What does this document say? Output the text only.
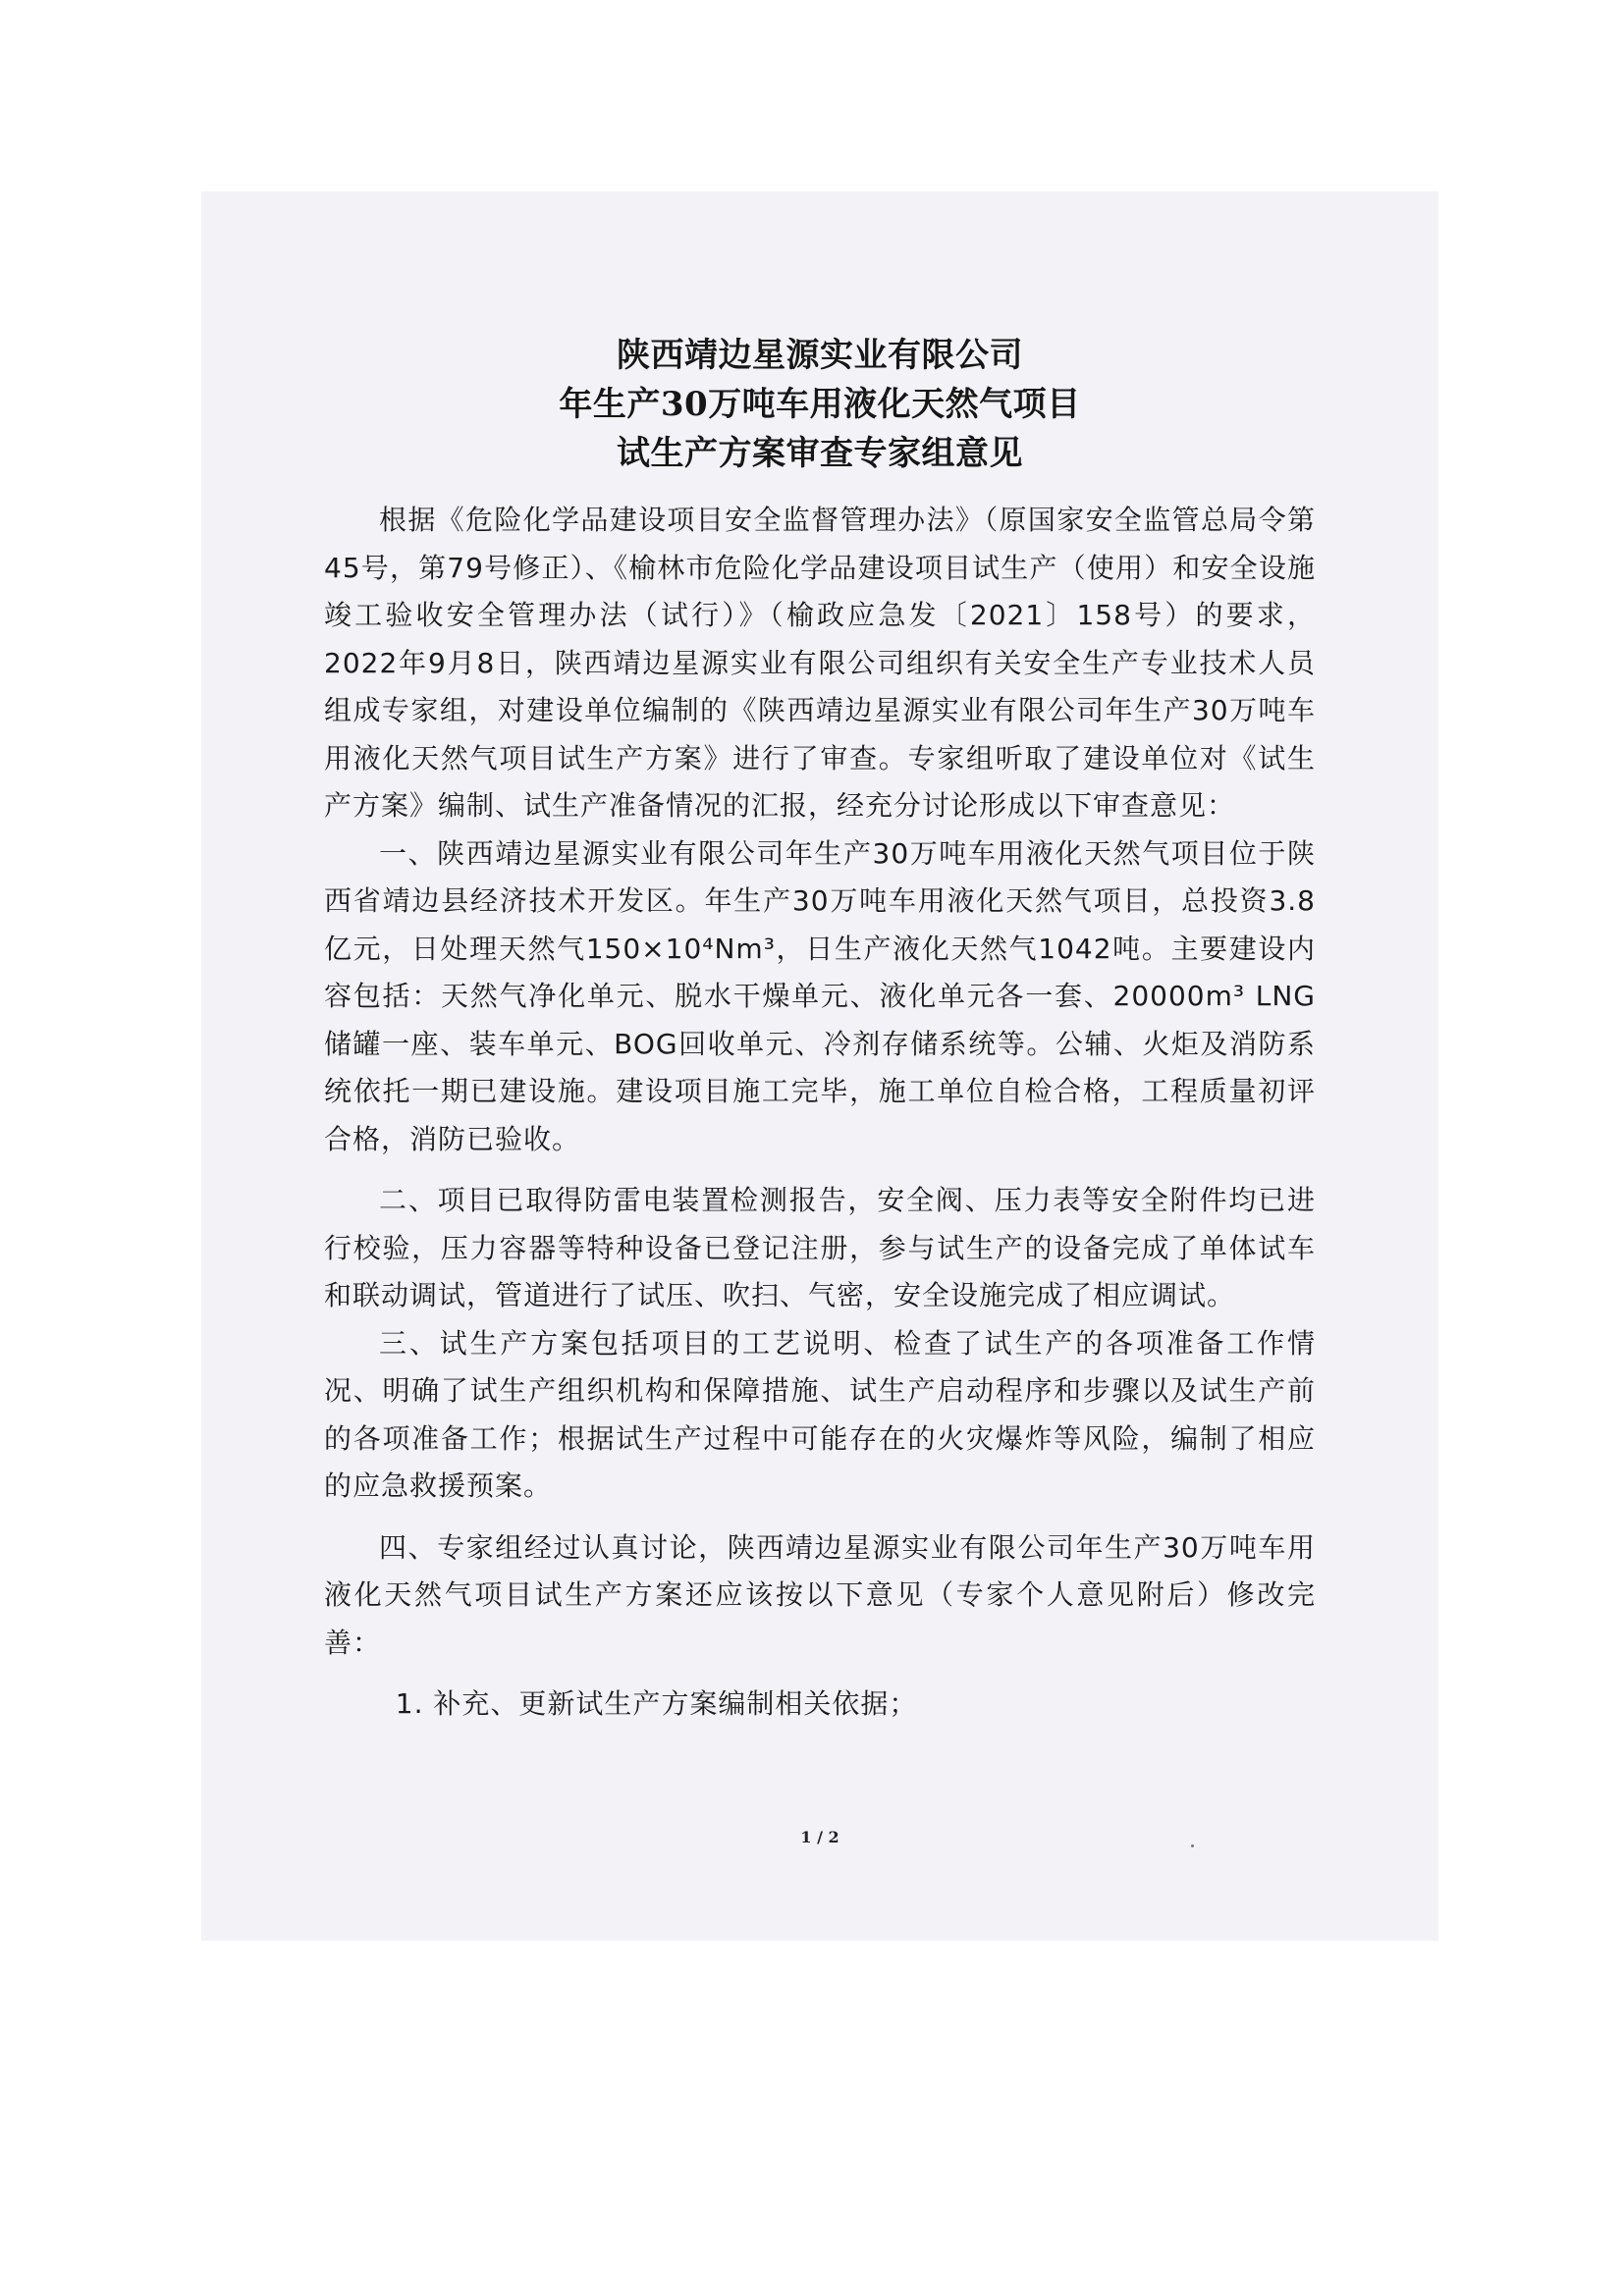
陕西靖边星源实业有限公司
年生产30万吨车用液化天然气项目
试生产方案审查专家组意见

根据《危险化学品建设项目安全监督管理办法》（原国家安全监管总局令第45号，第79号修正）、《榆林市危险化学品建设项目试生产（使用）和安全设施竣工验收安全管理办法（试行）》（榆政应急发〔2021〕158号）的要求，2022年9月8日，陕西靖边星源实业有限公司组织有关安全生产专业技术人员组成专家组，对建设单位编制的《陕西靖边星源实业有限公司年生产30万吨车用液化天然气项目试生产方案》进行了审查。专家组听取了建设单位对《试生产方案》编制、试生产准备情况的汇报，经充分讨论形成以下审查意见：

一、陕西靖边星源实业有限公司年生产30万吨车用液化天然气项目位于陕西省靖边县经济技术开发区。年生产30万吨车用液化天然气项目，总投资3.8亿元，日处理天然气150×10⁴Nm³，日生产液化天然气1042吨。主要建设内容包括：天然气净化单元、脱水干燥单元、液化单元各一套、20000m³ LNG储罐一座、装车单元、BOG回收单元、冷剂存储系统等。公辅、火炬及消防系统依托一期已建设施。建设项目施工完毕，施工单位自检合格，工程质量初评合格，消防已验收。

二、项目已取得防雷电装置检测报告，安全阀、压力表等安全附件均已进行校验，压力容器等特种设备已登记注册，参与试生产的设备完成了单体试车和联动调试，管道进行了试压、吹扫、气密，安全设施完成了相应调试。

三、试生产方案包括项目的工艺说明、检查了试生产的各项准备工作情况、明确了试生产组织机构和保障措施、试生产启动程序和步骤以及试生产前的各项准备工作；根据试生产过程中可能存在的火灾爆炸等风险，编制了相应的应急救援预案。

四、专家组经过认真讨论，陕西靖边星源实业有限公司年生产30万吨车用液化天然气项目试生产方案还应该按以下意见（专家个人意见附后）修改完善：

1. 补充、更新试生产方案编制相关依据；

1 / 2
